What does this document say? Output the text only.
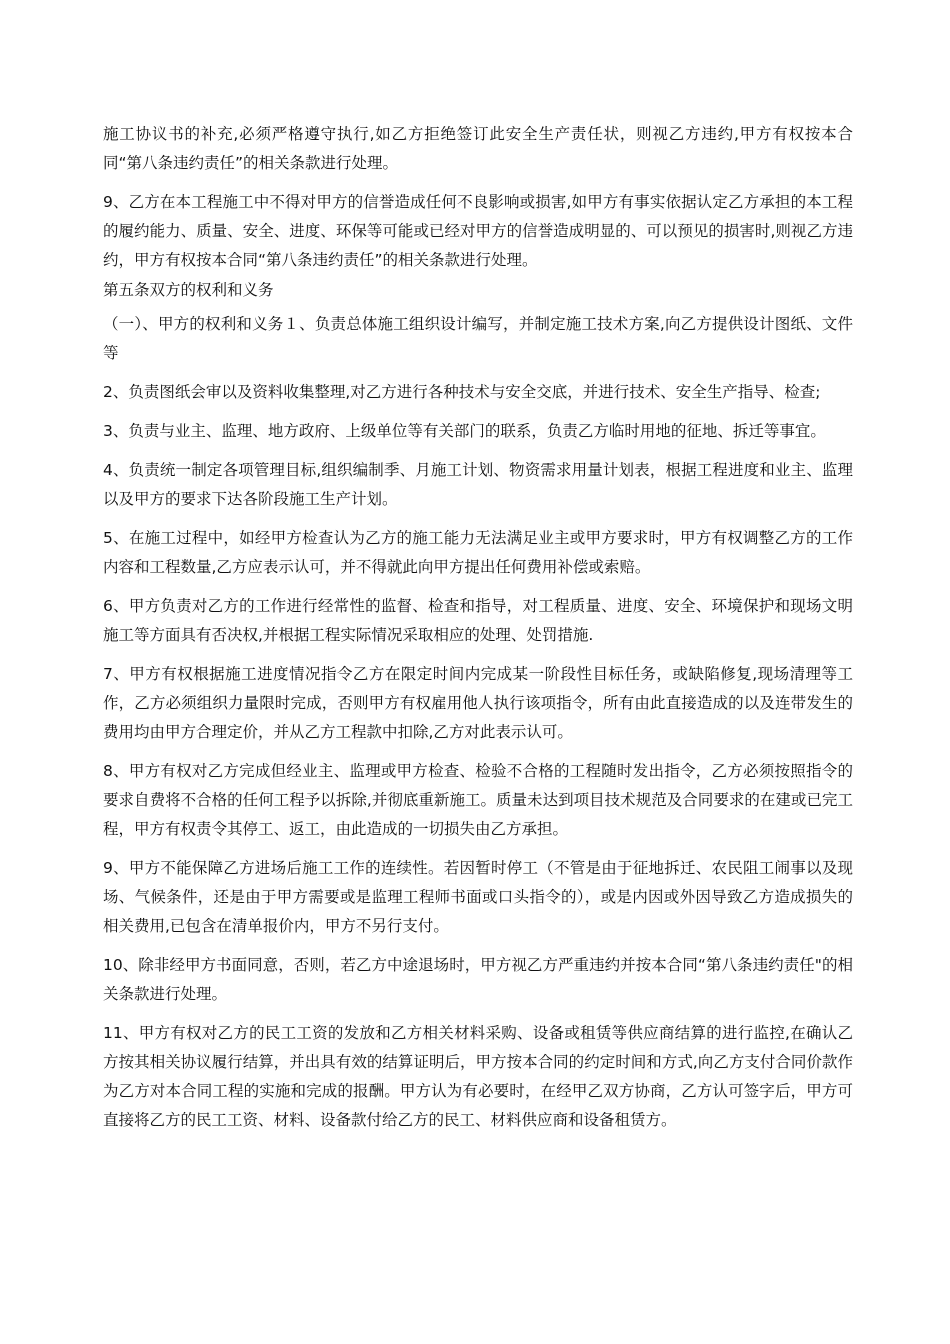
施工协议书的补充,必须严格遵守执行,如乙方拒绝签订此安全生产责任状，则视乙方违约,甲方有权按本合同“第八条违约责任”的相关条款进行处理。

9、乙方在本工程施工中不得对甲方的信誉造成任何不良影响或损害,如甲方有事实依据认定乙方承担的本工程的履约能力、质量、安全、进度、环保等可能或已经对甲方的信誉造成明显的、可以预见的损害时,则视乙方违约，甲方有权按本合同“第八条违约责任”的相关条款进行处理。

第五条双方的权利和义务

（一）、甲方的权利和义务１、负责总体施工组织设计编写，并制定施工技术方案,向乙方提供设计图纸、文件等

2、负责图纸会审以及资料收集整理,对乙方进行各种技术与安全交底，并进行技术、安全生产指导、检查;

3、负责与业主、监理、地方政府、上级单位等有关部门的联系，负责乙方临时用地的征地、拆迁等事宜。

4、负责统一制定各项管理目标,组织编制季、月施工计划、物资需求用量计划表，根据工程进度和业主、监理以及甲方的要求下达各阶段施工生产计划。

5、在施工过程中，如经甲方检查认为乙方的施工能力无法满足业主或甲方要求时，甲方有权调整乙方的工作内容和工程数量,乙方应表示认可，并不得就此向甲方提出任何费用补偿或索赔。

6、甲方负责对乙方的工作进行经常性的监督、检查和指导，对工程质量、进度、安全、环境保护和现场文明施工等方面具有否决权,并根据工程实际情况采取相应的处理、处罚措施.

7、甲方有权根据施工进度情况指令乙方在限定时间内完成某一阶段性目标任务，或缺陷修复,现场清理等工作，乙方必须组织力量限时完成，否则甲方有权雇用他人执行该项指令，所有由此直接造成的以及连带发生的费用均由甲方合理定价，并从乙方工程款中扣除,乙方对此表示认可。

8、甲方有权对乙方完成但经业主、监理或甲方检查、检验不合格的工程随时发出指令，乙方必须按照指令的要求自费将不合格的任何工程予以拆除,并彻底重新施工。质量未达到项目技术规范及合同要求的在建或已完工程，甲方有权责令其停工、返工，由此造成的一切损失由乙方承担。

9、甲方不能保障乙方进场后施工工作的连续性。若因暂时停工（不管是由于征地拆迁、农民阻工闹事以及现场、气候条件，还是由于甲方需要或是监理工程师书面或口头指令的），或是内因或外因导致乙方造成损失的相关费用,已包含在清单报价内，甲方不另行支付。

10、除非经甲方书面同意，否则，若乙方中途退场时，甲方视乙方严重违约并按本合同“第八条违约责任"的相关条款进行处理。

11、甲方有权对乙方的民工工资的发放和乙方相关材料采购、设备或租赁等供应商结算的进行监控,在确认乙方按其相关协议履行结算，并出具有效的结算证明后，甲方按本合同的约定时间和方式,向乙方支付合同价款作为乙方对本合同工程的实施和完成的报酬。甲方认为有必要时，在经甲乙双方协商，乙方认可签字后，甲方可直接将乙方的民工工资、材料、设备款付给乙方的民工、材料供应商和设备租赁方。
